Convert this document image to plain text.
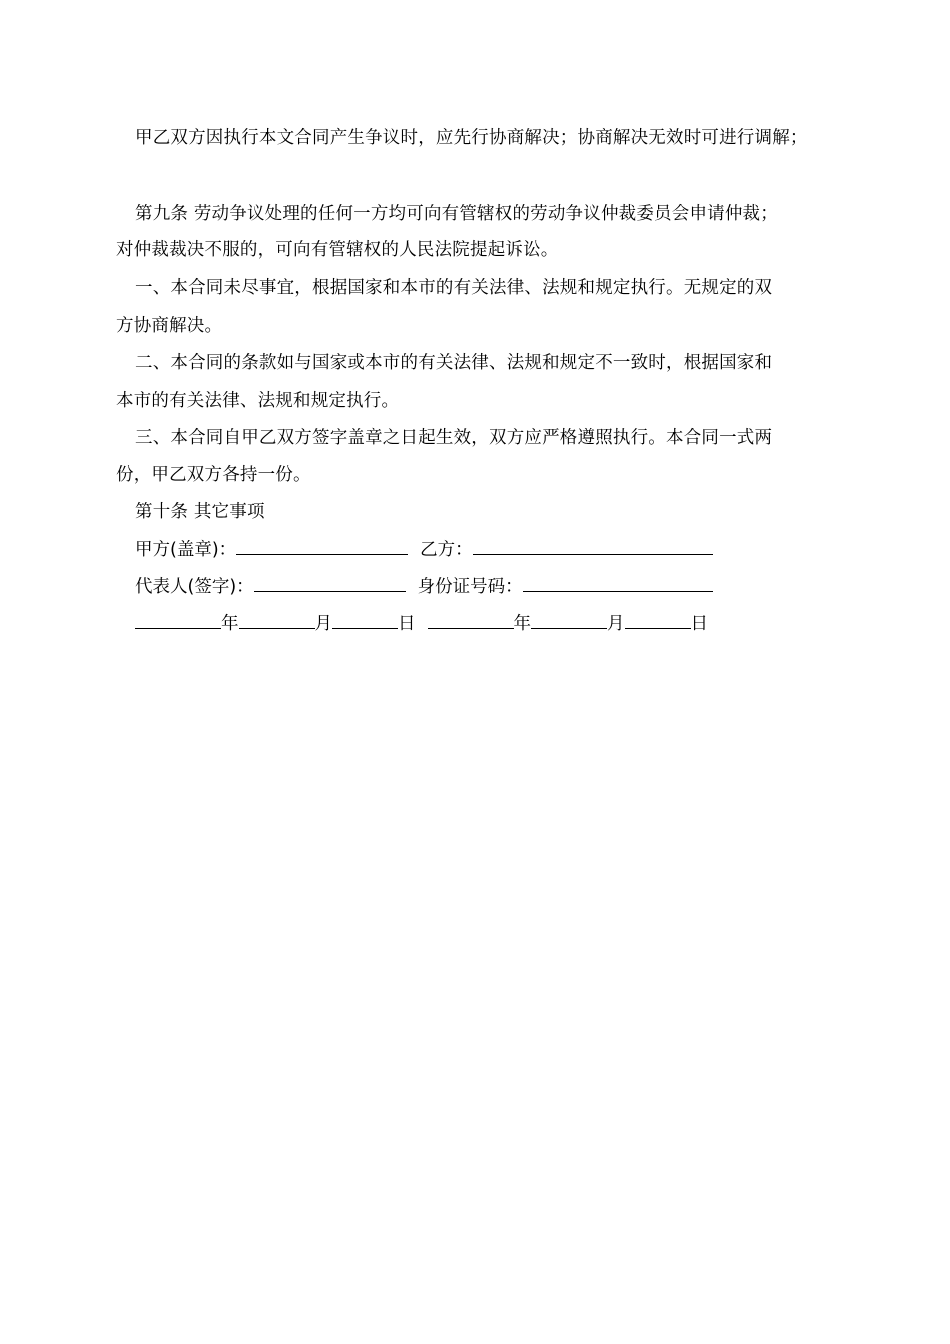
甲乙双方因执行本文合同产生争议时，应先行协商解决；协商解决无效时可进行调解；
第九条 劳动争议处理的任何一方均可向有管辖权的劳动争议仲裁委员会申请仲裁；
对仲裁裁决不服的，可向有管辖权的人民法院提起诉讼。
一、本合同未尽事宜，根据国家和本市的有关法律、法规和规定执行。无规定的双
方协商解决。
二、本合同的条款如与国家或本市的有关法律、法规和规定不一致时，根据国家和
本市的有关法律、法规和规定执行。
三、本合同自甲乙双方签字盖章之日起生效，双方应严格遵照执行。本合同一式两
份，甲乙双方各持一份。
第十条 其它事项
甲方(盖章)：	乙方：
代表人(签字)：	身份证号码：
年	月	日	年	月	日
